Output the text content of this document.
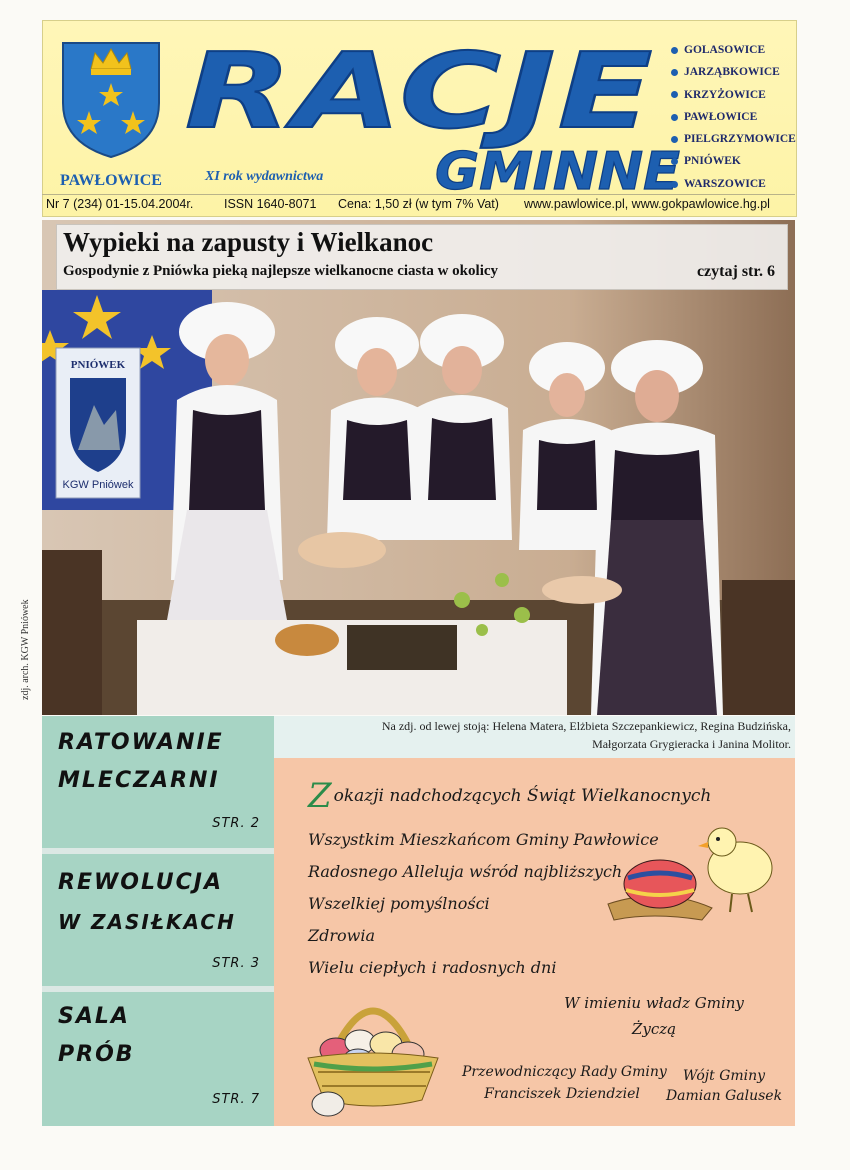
PAWŁOWICE
RACJE
GMINNE
XI rok wydawnictwa
GOLASOWICE
JARZĄBKOWICE
KRZYŻOWICE
PAWŁOWICE
PIELGRZYMOWICE
PNIÓWEK
WARSZOWICE
Nr 7 (234) 01-15.04.2004r. ISSN 1640-8071 Cena: 1,50 zł (w tym 7% Vat) www.pawlowice.pl, www.gokpawlowice.hg.pl
PNIÓWEK
KGW Pniówek
Wypieki na zapusty i Wielkanoc
Gospodynie z Pniówka pieką najlepsze wielkanocne ciasta w okolicy	czytaj str. 6
zdj. arch. KGW Pniówek
Na zdj. od lewej stoją: Helena Matera, Elżbieta Szczepankiewicz, Regina Budzińska,
Małgorzata Grygieracka i Janina Molitor.
RATOWANIE
MLECZARNI
STR. 2
REWOLUCJA
W ZASIŁKACH
STR. 3
SALA
PRÓB
STR. 7
Zokazji nadchodzących Świąt Wielkanocnych
Wszystkim Mieszkańcom Gminy Pawłowice
Radosnego Alleluja wśród najbliższych
Wszelkiej pomyślności
Zdrowia
Wielu ciepłych i radosnych dni
W imieniu władz Gminy
Życzą
Przewodniczący Rady Gminy
Franciszek Dziendziel
Wójt Gminy
Damian Galusek
